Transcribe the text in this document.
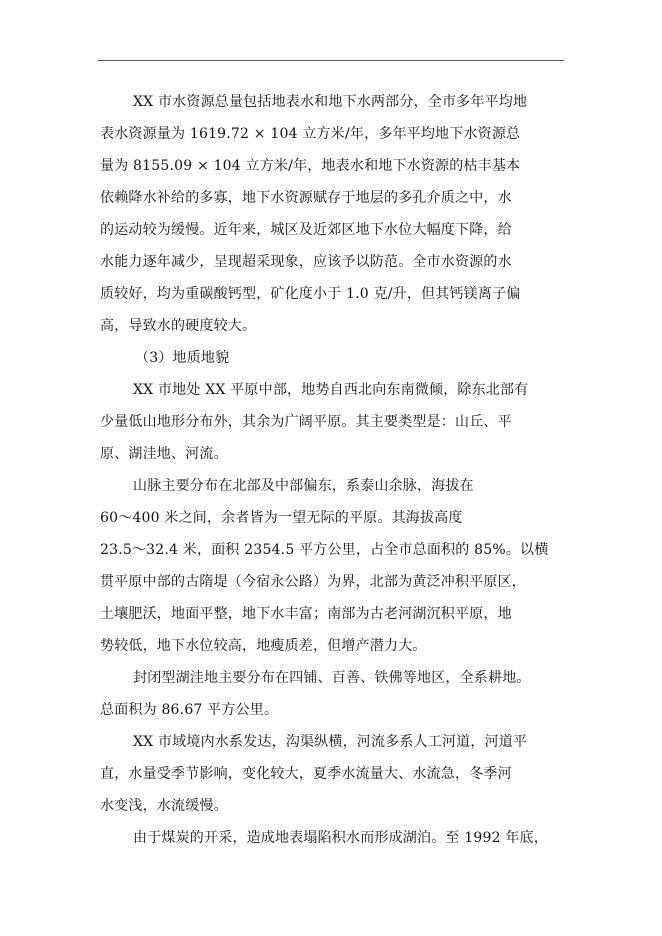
XX 市水资源总量包括地表水和地下水两部分，全市多年平均地

表水资源量为 1619.72 × 104 立方米/年，多年平均地下水资源总

量为 8155.09 × 104 立方米/年，地表水和地下水资源的枯丰基本

依赖降水补给的多寡，地下水资源赋存于地层的多孔介质之中，水

的运动较为缓慢。近年来，城区及近郊区地下水位大幅度下降，给

水能力逐年减少，呈现超采现象，应该予以防范。全市水资源的水

质较好，均为重碳酸钙型，矿化度小于 1.0 克/升，但其钙镁离子偏

高，导致水的硬度较大。

（3）地质地貌

XX 市地处 XX 平原中部，地势自西北向东南微倾，除东北部有

少量低山地形分布外，其余为广阔平原。其主要类型是：山丘、平

原、湖洼地、河流。

山脉主要分布在北部及中部偏东，系泰山余脉，海拔在

60～400 米之间，余者皆为一望无际的平原。其海拔高度

23.5～32.4 米，面积 2354.5 平方公里，占全市总面积的 85%。以横

贯平原中部的古隋堤（今宿永公路）为界，北部为黄泛冲积平原区，

土壤肥沃，地面平整，地下水丰富；南部为古老河湖沉积平原，地

势较低，地下水位较高，地瘦质差，但增产潜力大。

封闭型湖洼地主要分布在四铺、百善、铁佛等地区，全系耕地。

总面积为 86.67 平方公里。

XX 市域境内水系发达，沟渠纵横，河流多系人工河道，河道平

直，水量受季节影响，变化较大，夏季水流量大、水流急，冬季河

水变浅，水流缓慢。

由于煤炭的开采，造成地表塌陷积水而形成湖泊。至 1992 年底，
